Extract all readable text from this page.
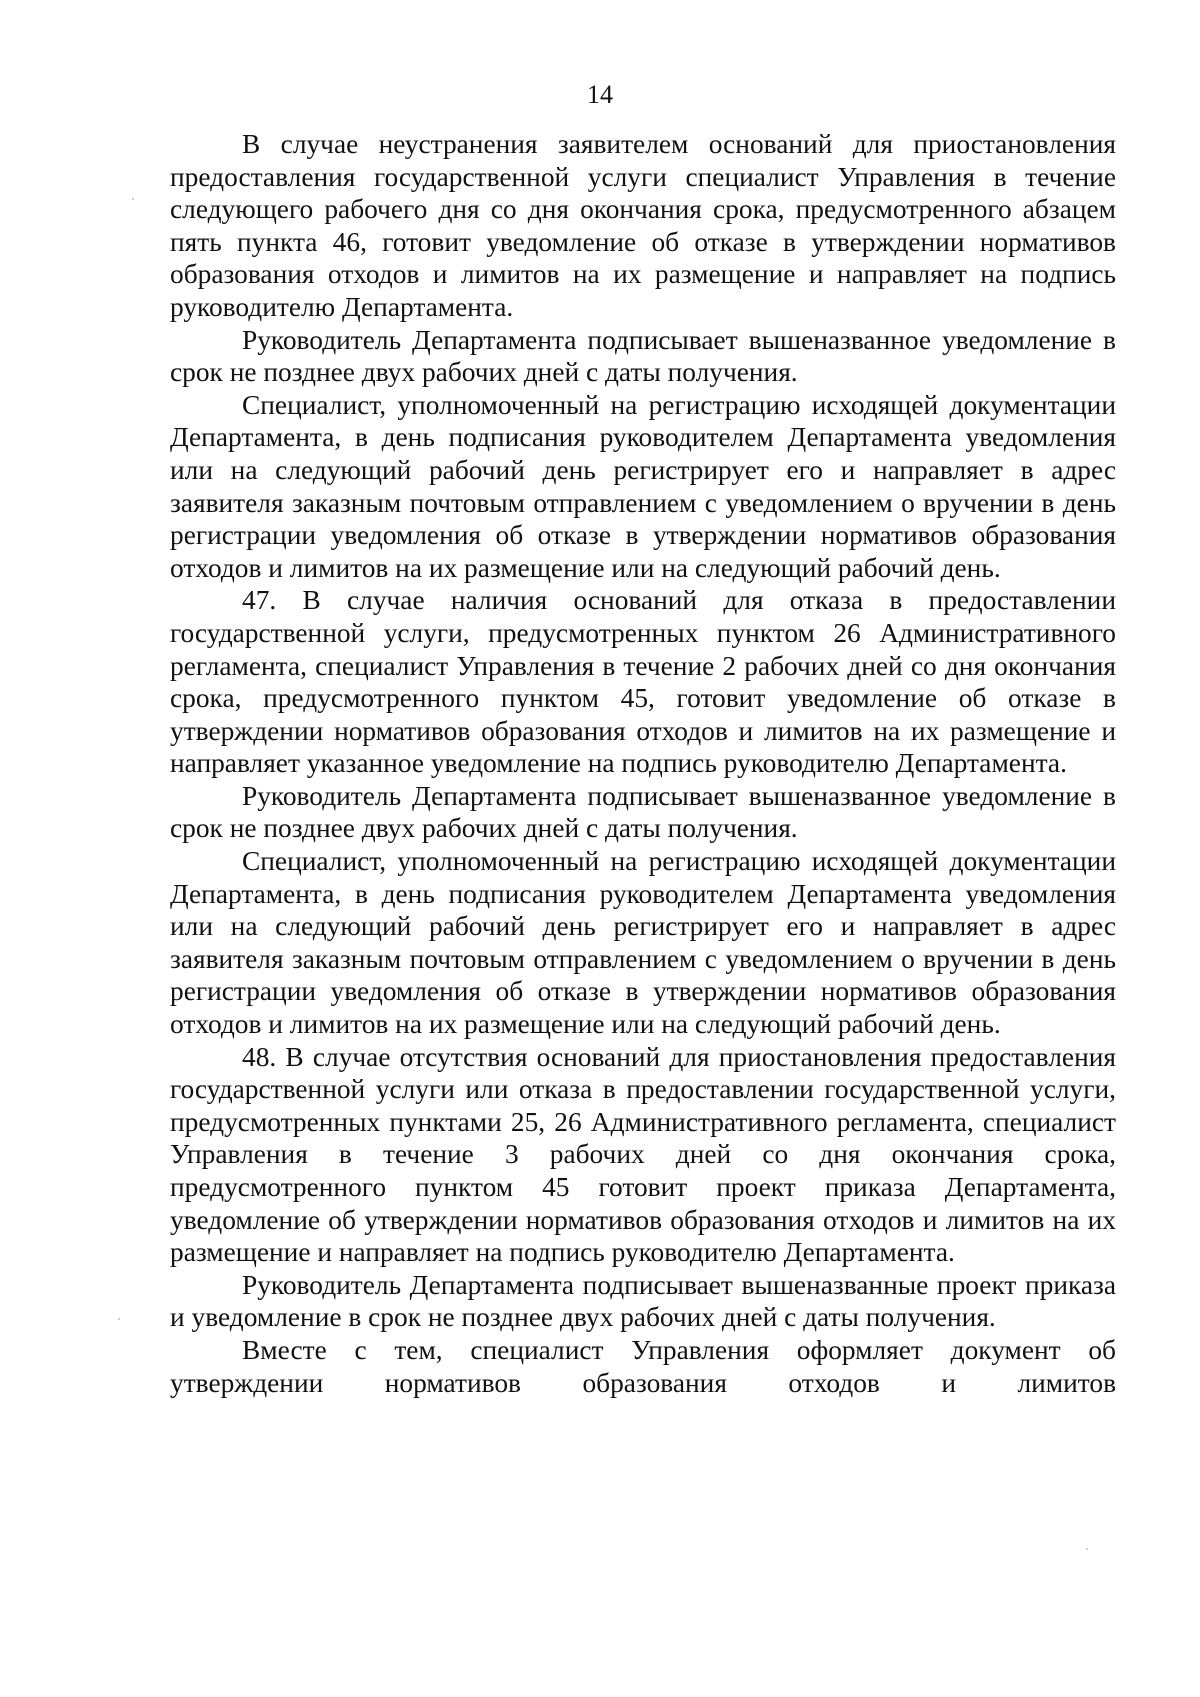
14

В случае неустранения заявителем оснований для приостановления предоставления государственной услуги специалист Управления в течение следующего рабочего дня со дня окончания срока, предусмотренного абзацем пять пункта 46, готовит уведомление об отказе в утверждении нормативов образования отходов и лимитов на их размещение и направляет на подпись руководителю Департамента.

Руководитель Департамента подписывает вышеназванное уведомление в срок не позднее двух рабочих дней с даты получения.

Специалист, уполномоченный на регистрацию исходящей документации Департамента, в день подписания руководителем Департамента уведомления или на следующий рабочий день регистрирует его и направляет в адрес заявителя заказным почтовым отправлением с уведомлением о вручении в день регистрации уведомления об отказе в утверждении нормативов образования отходов и лимитов на их размещение или на следующий рабочий день.

47. В случае наличия оснований для отказа в предоставлении государственной услуги, предусмотренных пунктом 26 Административного регламента, специалист Управления в течение 2 рабочих дней со дня окончания срока, предусмотренного пунктом 45, готовит уведомление об отказе в утверждении нормативов образования отходов и лимитов на их размещение и направляет указанное уведомление на подпись руководителю Департамента.

Руководитель Департамента подписывает вышеназванное уведомление в срок не позднее двух рабочих дней с даты получения.

Специалист, уполномоченный на регистрацию исходящей документации Департамента, в день подписания руководителем Департамента уведомления или на следующий рабочий день регистрирует его и направляет в адрес заявителя заказным почтовым отправлением с уведомлением о вручении в день регистрации уведомления об отказе в утверждении нормативов образования отходов и лимитов на их размещение или на следующий рабочий день.

48. В случае отсутствия оснований для приостановления предоставления государственной услуги или отказа в предоставлении государственной услуги, предусмотренных пунктами 25, 26 Административного регламента, специалист Управления в течение 3 рабочих дней со дня окончания срока, предусмотренного пунктом 45 готовит проект приказа Департамента, уведомление об утверждении нормативов образования отходов и лимитов на их размещение и направляет на подпись руководителю Департамента.

Руководитель Департамента подписывает вышеназванные проект приказа и уведомление в срок не позднее двух рабочих дней с даты получения.

Вместе с тем, специалист Управления оформляет документ об утверждении нормативов образования отходов и лимитов
